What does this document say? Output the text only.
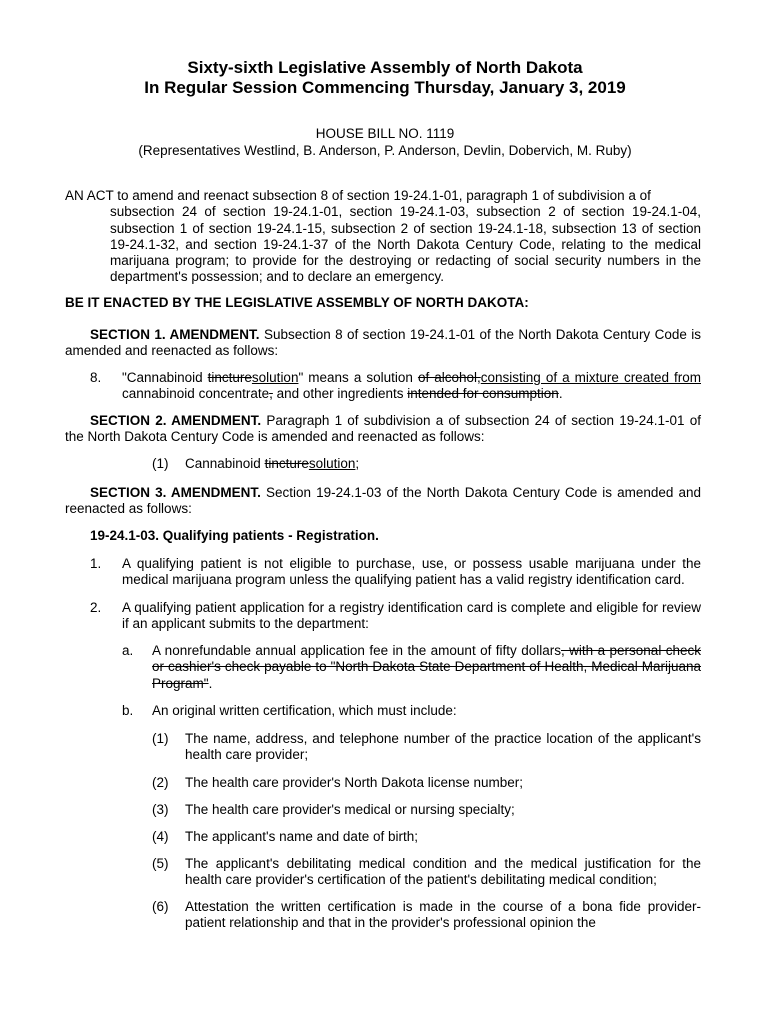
Sixty-sixth Legislative Assembly of North Dakota
In Regular Session Commencing Thursday, January 3, 2019
HOUSE BILL NO. 1119
(Representatives Westlind, B. Anderson, P. Anderson, Devlin, Dobervich, M. Ruby)
AN ACT to amend and reenact subsection 8 of section 19-24.1-01, paragraph 1 of subdivision a of
subsection 24 of section 19-24.1-01, section 19-24.1-03, subsection 2 of section 19-24.1-04, subsection 1 of section 19-24.1-15, subsection 2 of section 19-24.1-18, subsection 13 of section 19-24.1-32, and section 19-24.1-37 of the North Dakota Century Code, relating to the medical marijuana program; to provide for the destroying or redacting of social security numbers in the department's possession; and to declare an emergency.
BE IT ENACTED BY THE LEGISLATIVE ASSEMBLY OF NORTH DAKOTA:
SECTION 1. AMENDMENT. Subsection 8 of section 19-24.1-01 of the North Dakota Century Code is amended and reenacted as follows:
8. "Cannabinoid tincturesolution" means a solution of alcohol,consisting of a mixture created from cannabinoid concentrate, and other ingredients intended for consumption.
SECTION 2. AMENDMENT. Paragraph 1 of subdivision a of subsection 24 of section 19-24.1-01 of the North Dakota Century Code is amended and reenacted as follows:
(1) Cannabinoid tincturesolution;
SECTION 3. AMENDMENT. Section 19-24.1-03 of the North Dakota Century Code is amended and reenacted as follows:
19-24.1-03. Qualifying patients - Registration.
1. A qualifying patient is not eligible to purchase, use, or possess usable marijuana under the medical marijuana program unless the qualifying patient has a valid registry identification card.
2. A qualifying patient application for a registry identification card is complete and eligible for review if an applicant submits to the department:
a. A nonrefundable annual application fee in the amount of fifty dollars, with a personal check or cashier's check payable to "North Dakota State Department of Health, Medical Marijuana Program".
b. An original written certification, which must include:
(1) The name, address, and telephone number of the practice location of the applicant's health care provider;
(2) The health care provider's North Dakota license number;
(3) The health care provider's medical or nursing specialty;
(4) The applicant's name and date of birth;
(5) The applicant's debilitating medical condition and the medical justification for the health care provider's certification of the patient's debilitating medical condition;
(6) Attestation the written certification is made in the course of a bona fide provider-patient relationship and that in the provider's professional opinion the
